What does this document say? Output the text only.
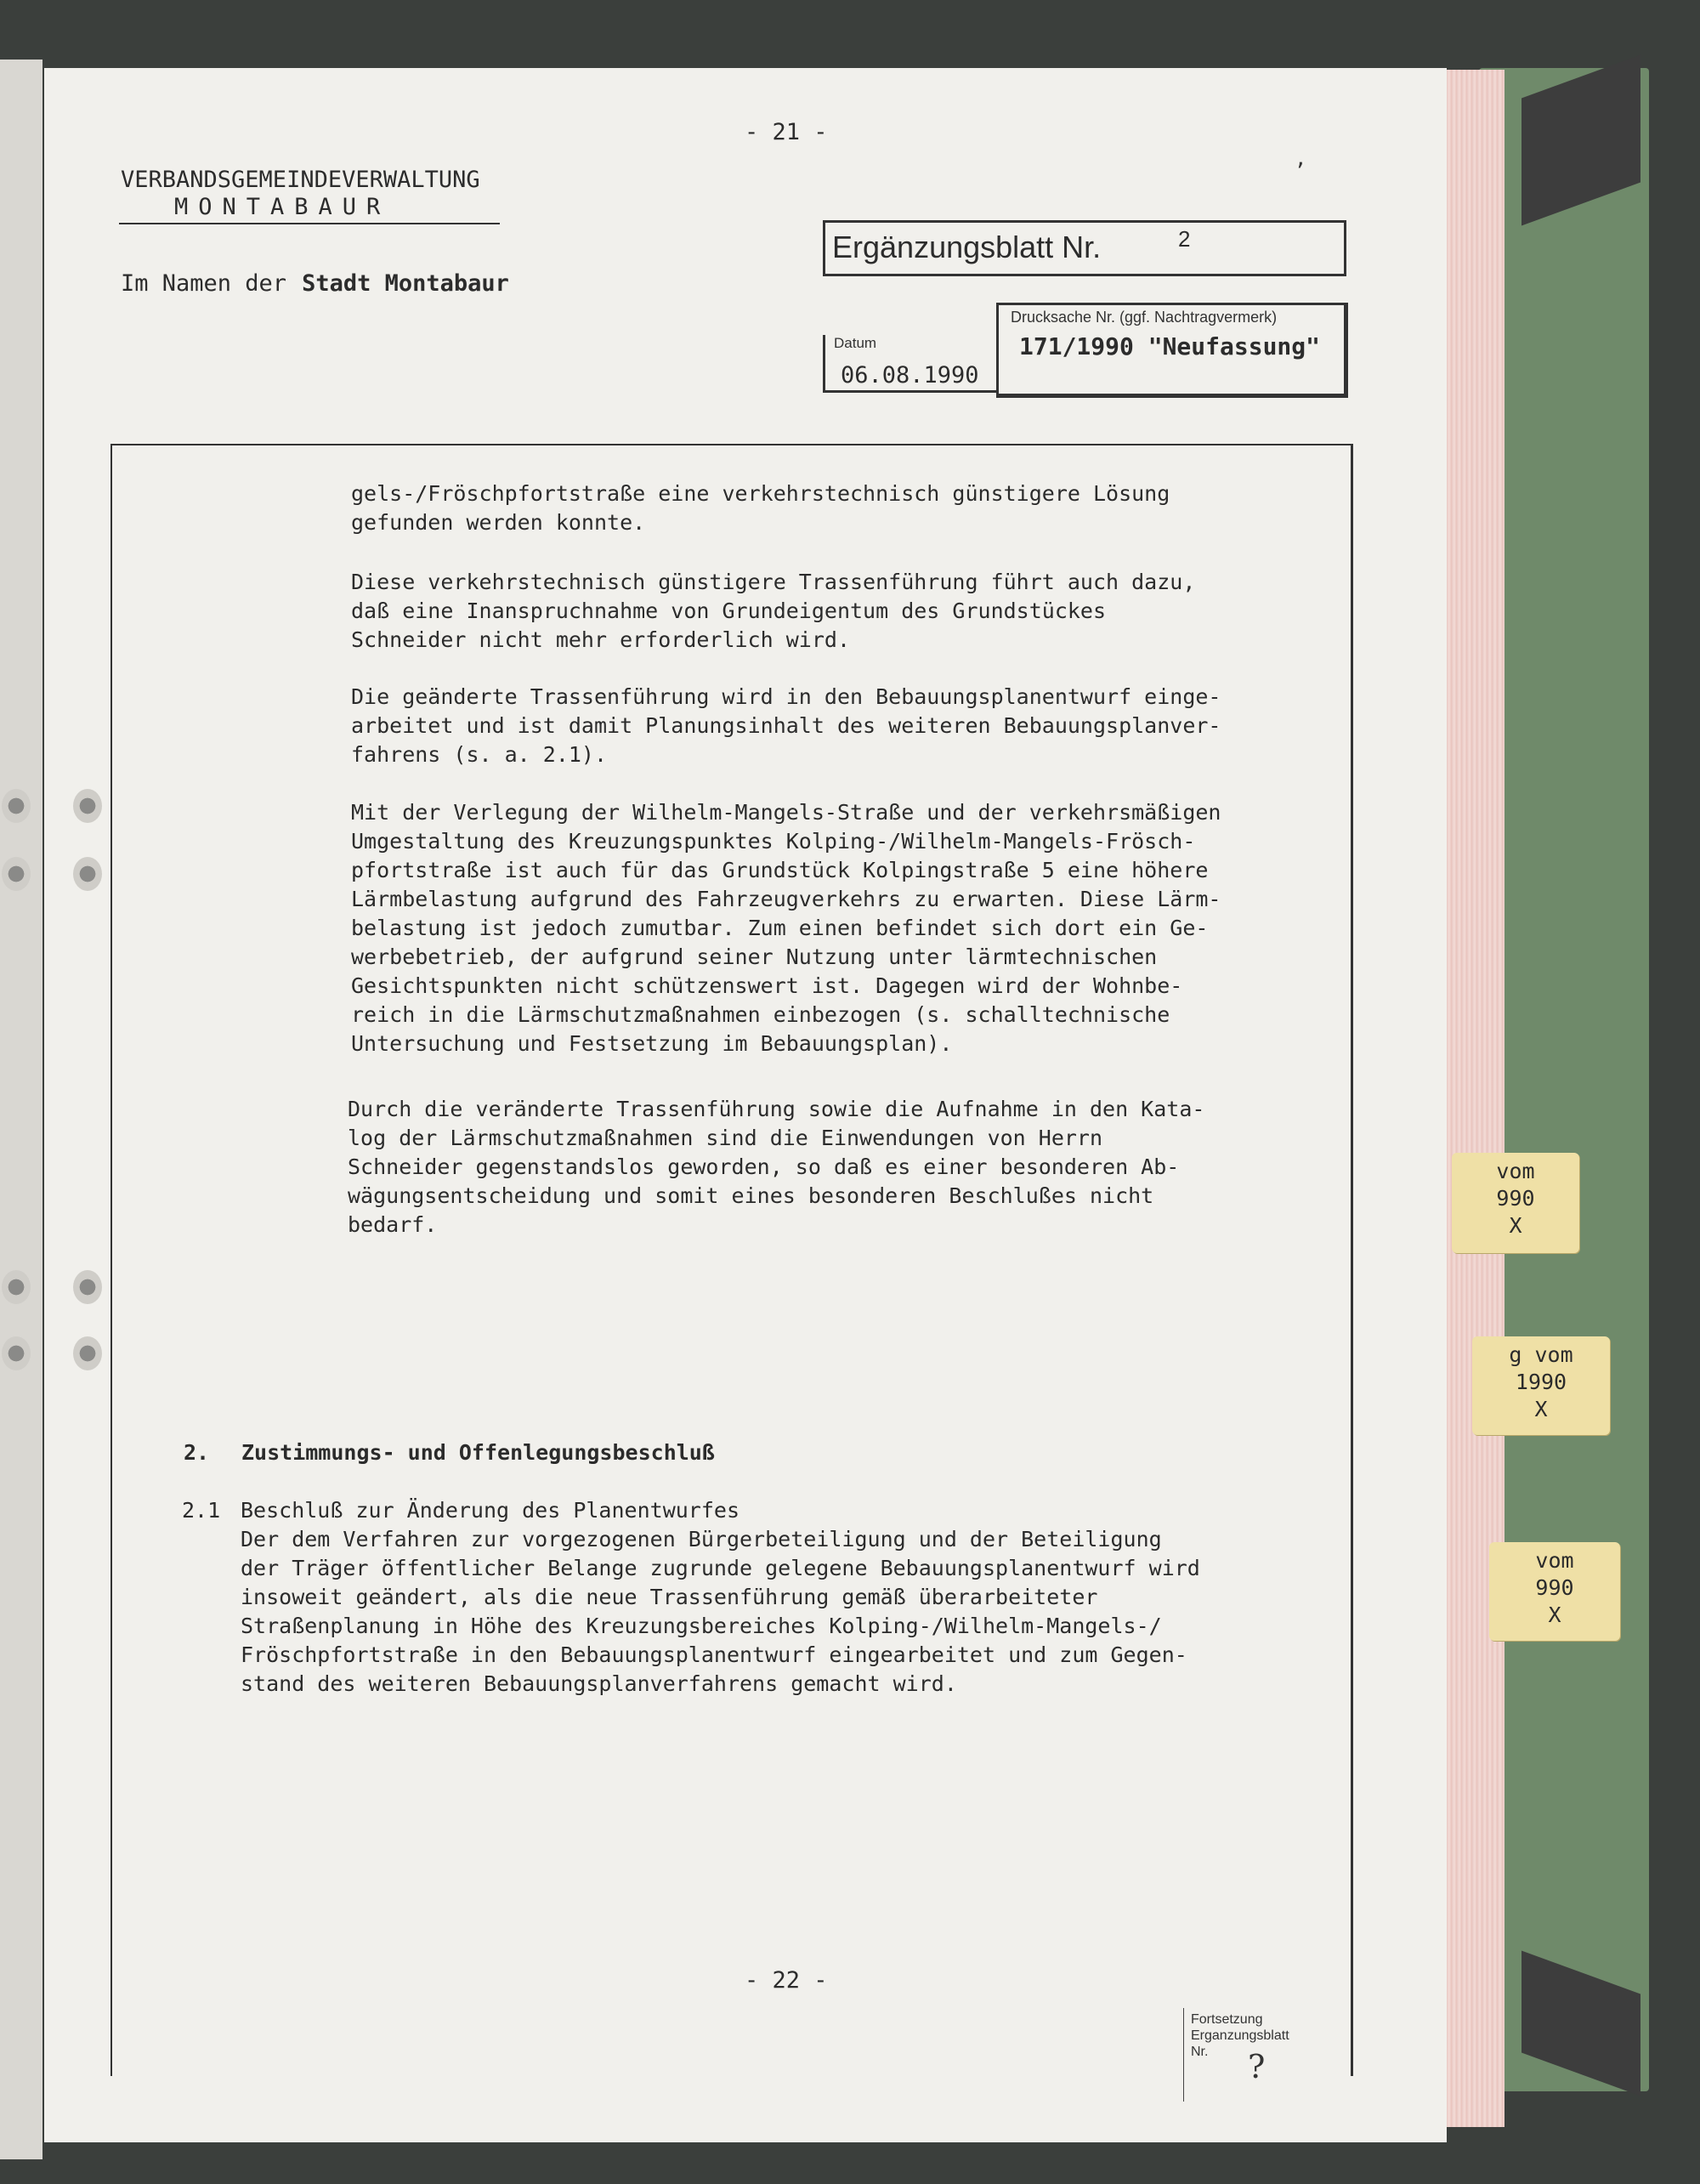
vom
990
X
g vom
1990
X
vom
990
X
- 21 -
,
VERBANDSGEMEINDEVERWALTUNG
MONTABAUR
Im Namen der Stadt Montabaur
Ergänzungsblatt Nr.	2
Datum
06.08.1990
Drucksache Nr. (ggf. Nachtragvermerk)
171/1990 "Neufassung"
gels-/Fröschpfortstraße eine verkehrstechnisch günstigere Lösung
gefunden werden konnte.
Diese verkehrstechnisch günstigere Trassenführung führt auch dazu,
daß eine Inanspruchnahme von Grundeigentum des Grundstückes
Schneider nicht mehr erforderlich wird.
Die geänderte Trassenführung wird in den Bebauungsplanentwurf einge-
arbeitet und ist damit Planungsinhalt des weiteren Bebauungsplanver-
fahrens (s. a. 2.1).
Mit der Verlegung der Wilhelm-Mangels-Straße und der verkehrsmäßigen
Umgestaltung des Kreuzungspunktes Kolping-/Wilhelm-Mangels-Frösch-
pfortstraße ist auch für das Grundstück Kolpingstraße 5 eine höhere
Lärmbelastung aufgrund des Fahrzeugverkehrs zu erwarten. Diese Lärm-
belastung ist jedoch zumutbar. Zum einen befindet sich dort ein Ge-
werbebetrieb, der aufgrund seiner Nutzung unter lärmtechnischen
Gesichtspunkten nicht schützenswert ist. Dagegen wird der Wohnbe-
reich in die Lärmschutzmaßnahmen einbezogen (s. schalltechnische
Untersuchung und Festsetzung im Bebauungsplan).
Durch die veränderte Trassenführung sowie die Aufnahme in den Kata-
log der Lärmschutzmaßnahmen sind die Einwendungen von Herrn
Schneider gegenstandslos geworden, so daß es einer besonderen Ab-
wägungsentscheidung und somit eines besonderen Beschlußes nicht
bedarf.
2. Zustimmungs- und Offenlegungsbeschluß
2.1 Beschluß zur Änderung des Planentwurfes
Der dem Verfahren zur vorgezogenen Bürgerbeteiligung und der Beteiligung
der Träger öffentlicher Belange zugrunde gelegene Bebauungsplanentwurf wird
insoweit geändert, als die neue Trassenführung gemäß überarbeiteter
Straßenplanung in Höhe des Kreuzungsbereiches Kolping-/Wilhelm-Mangels-/
Fröschpfortstraße in den Bebauungsplanentwurf eingearbeitet und zum Gegen-
stand des weiteren Bebauungsplanverfahrens gemacht wird.
- 22 -
Fortsetzung
Erganzungsblatt
Nr.	?
